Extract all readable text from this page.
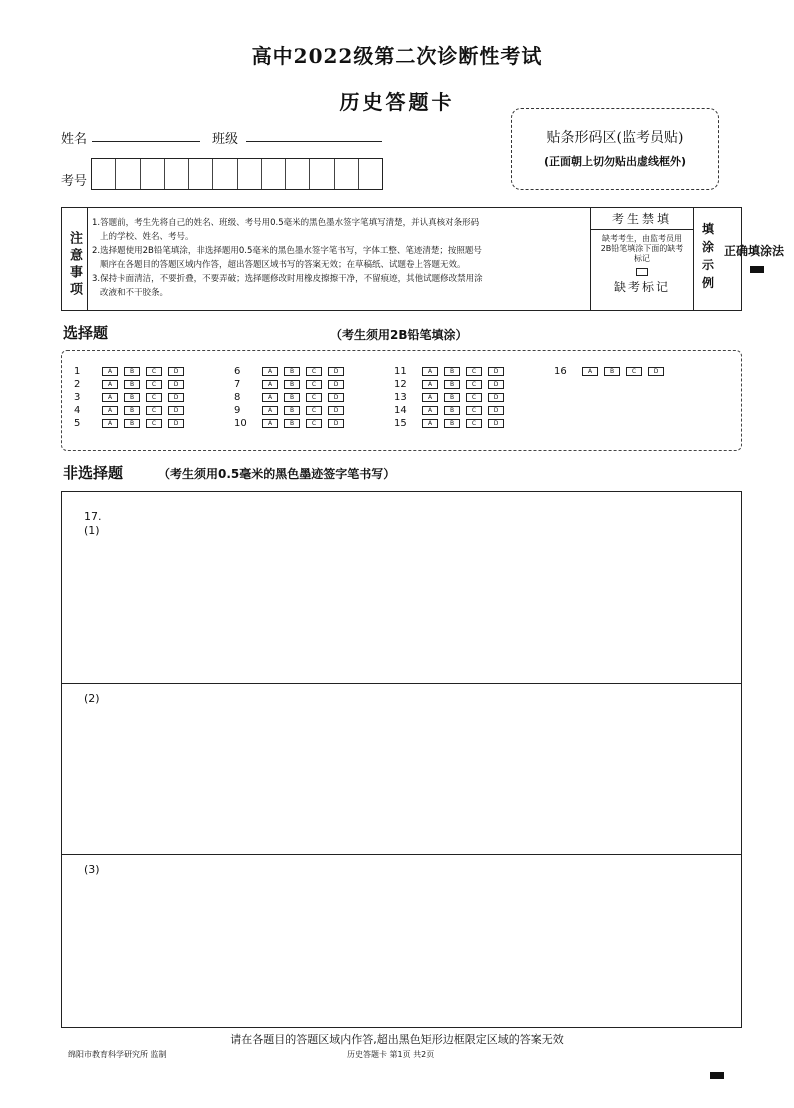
高中2022级第二次诊断性考试
历史答题卡
姓名	班级
考号
贴条形码区(监考员贴)
(正面朝上切勿贴出虚线框外)
注意事项
1.答题前，考生先将自己的姓名、班级、考号用0.5毫米的黑色墨水签字笔填写清楚，并认真核对条形码
上的学校、姓名、考号。
2.选择题使用2B铅笔填涂，非选择题用0.5毫米的黑色墨水签字笔书写，字体工整、笔迹清楚；按照题号
顺序在各题目的答题区域内作答，超出答题区域书写的答案无效；在草稿纸、试题卷上答题无效。
3.保持卡面清洁，不要折叠，不要弄破；选择题修改时用橡皮擦擦干净，不留痕迹，其他试题修改禁用涂
改液和不干胶条。
考生禁填
缺考考生，由监考员用2B铅笔填涂下面的缺考标记
缺考标记
填涂示例
正确填涂法
选择题	（考生须用2B铅笔填涂）
1	A	B	C	D
2	A	B	C	D
3	A	B	C	D
4	A	B	C	D
5	A	B	C	D
6	A	B	C	D
7	A	B	C	D
8	A	B	C	D
9	A	B	C	D
10	A	B	C	D
11	A	B	C	D
12	A	B	C	D
13	A	B	C	D
14	A	B	C	D
15	A	B	C	D
16	A	B	C	D
非选择题	（考生须用0.5毫米的黑色墨迹签字笔书写）
17.
(1)
(2)
(3)
请在各题目的答题区域内作答,超出黑色矩形边框限定区域的答案无效
绵阳市教育科学研究所 监制	历史答题卡 第1页 共2页
